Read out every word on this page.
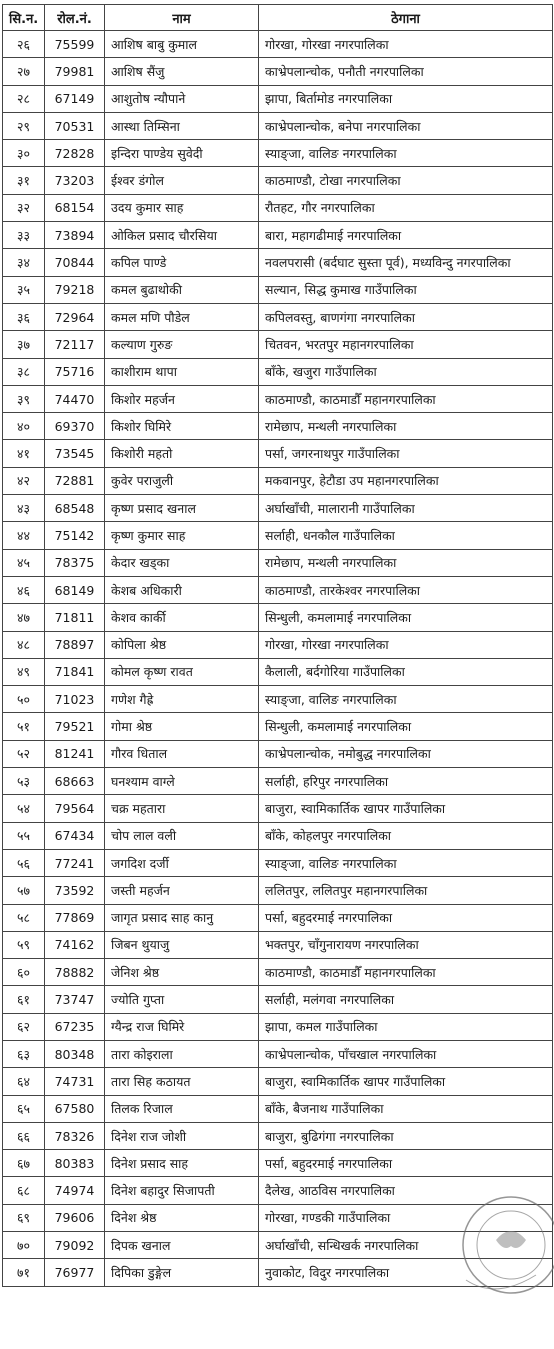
सि.न.	रोल.नं.	नाम	ठेगाना
२६	75599	आशिष बाबु कुमाल	गोरखा, गोरखा नगरपालिका
२७	79981	आशिष सैंजु	काभ्रेपलान्चोक, पनौती नगरपालिका
२८	67149	आशुतोष न्यौपाने	झापा, बिर्तामोड नगरपालिका
२९	70531	आस्था तिम्सिना	काभ्रेपलान्चोक, बनेपा नगरपालिका
३०	72828	इन्दिरा पाण्डेय सुवेदी	स्याङ्जा, वालिङ नगरपालिका
३१	73203	ईश्वर डंगोल	काठमाण्डौ, टोखा नगरपालिका
३२	68154	उदय कुमार साह	रौतहट, गौर नगरपालिका
३३	73894	ओकिल प्रसाद चौरसिया	बारा, महागढीमाई नगरपालिका
३४	70844	कपिल पाण्डे	नवलपरासी (बर्दघाट सुस्ता पूर्व), मध्यविन्दु नगरपालिका
३५	79218	कमल बुढाथोकी	सल्यान, सिद्ध कुमाख गाउँपालिका
३६	72964	कमल मणि पौडेल	कपिलवस्तु, बाणगंगा नगरपालिका
३७	72117	कल्याण गुरुङ	चितवन, भरतपुर महानगरपालिका
३८	75716	काशीराम थापा	बाँके, खजुरा गाउँपालिका
३९	74470	किशोर महर्जन	काठमाण्डौ, काठमाडौँ महानगरपालिका
४०	69370	किशोर घिमिरे	रामेछाप, मन्थली नगरपालिका
४१	73545	किशोरी महतो	पर्सा, जगरनाथपुर गाउँपालिका
४२	72881	कुवेर पराजुली	मकवानपुर, हेटौडा उप महानगरपालिका
४३	68548	कृष्ण प्रसाद खनाल	अर्घाखाँची, मालारानी गाउँपालिका
४४	75142	कृष्ण कुमार साह	सर्लाही, धनकौल गाउँपालिका
४५	78375	केदार खड्का	रामेछाप, मन्थली नगरपालिका
४६	68149	केशब अधिकारी	काठमाण्डौ, तारकेश्वर नगरपालिका
४७	71811	केशव कार्की	सिन्धुली, कमलामाई नगरपालिका
४८	78897	कोपिला श्रेष्ठ	गोरखा, गोरखा नगरपालिका
४९	71841	कोमल कृष्ण रावत	कैलाली, बर्दगोरिया गाउँपालिका
५०	71023	गणेश गैह्रे	स्याङ्जा, वालिङ नगरपालिका
५१	79521	गोमा श्रेष्ठ	सिन्धुली, कमलामाई नगरपालिका
५२	81241	गौरव धिताल	काभ्रेपलान्चोक, नमोबुद्ध नगरपालिका
५३	68663	घनश्याम वाग्ले	सर्लाही, हरिपुर नगरपालिका
५४	79564	चक्र महतारा	बाजुरा, स्वामिकार्तिक खापर गाउँपालिका
५५	67434	चोप लाल वली	बाँके, कोहलपुर नगरपालिका
५६	77241	जगदिश दर्जी	स्याङ्जा, वालिङ नगरपालिका
५७	73592	जस्ती महर्जन	ललितपुर, ललितपुर महानगरपालिका
५८	77869	जागृत प्रसाद साह कानु	पर्सा, बहुदरमाई नगरपालिका
५९	74162	जिबन थुयाजु	भक्तपुर, चाँगुनारायण नगरपालिका
६०	78882	जेनिश श्रेष्ठ	काठमाण्डौ, काठमाडौँ महानगरपालिका
६१	73747	ज्योति गुप्ता	सर्लाही, मलंगवा नगरपालिका
६२	67235	ग्यैन्द्र राज घिमिरे	झापा, कमल गाउँपालिका
६३	80348	तारा कोइराला	काभ्रेपलान्चोक, पाँचखाल नगरपालिका
६४	74731	तारा सिह कठायत	बाजुरा, स्वामिकार्तिक खापर गाउँपालिका
६५	67580	तिलक रिजाल	बाँके, बैजनाथ गाउँपालिका
६६	78326	दिनेश राज जोशी	बाजुरा, बुढिगंगा नगरपालिका
६७	80383	दिनेश प्रसाद साह	पर्सा, बहुदरमाई नगरपालिका
६८	74974	दिनेश बहादुर सिजापती	दैलेख, आठविस नगरपालिका
६९	79606	दिनेश श्रेष्ठ	गोरखा, गण्डकी गाउँपालिका
७०	79092	दिपक खनाल	अर्घाखाँची, सन्धिखर्क नगरपालिका
७१	76977	दिपिका डुङ्गेल	नुवाकोट, विदुर नगरपालिका
